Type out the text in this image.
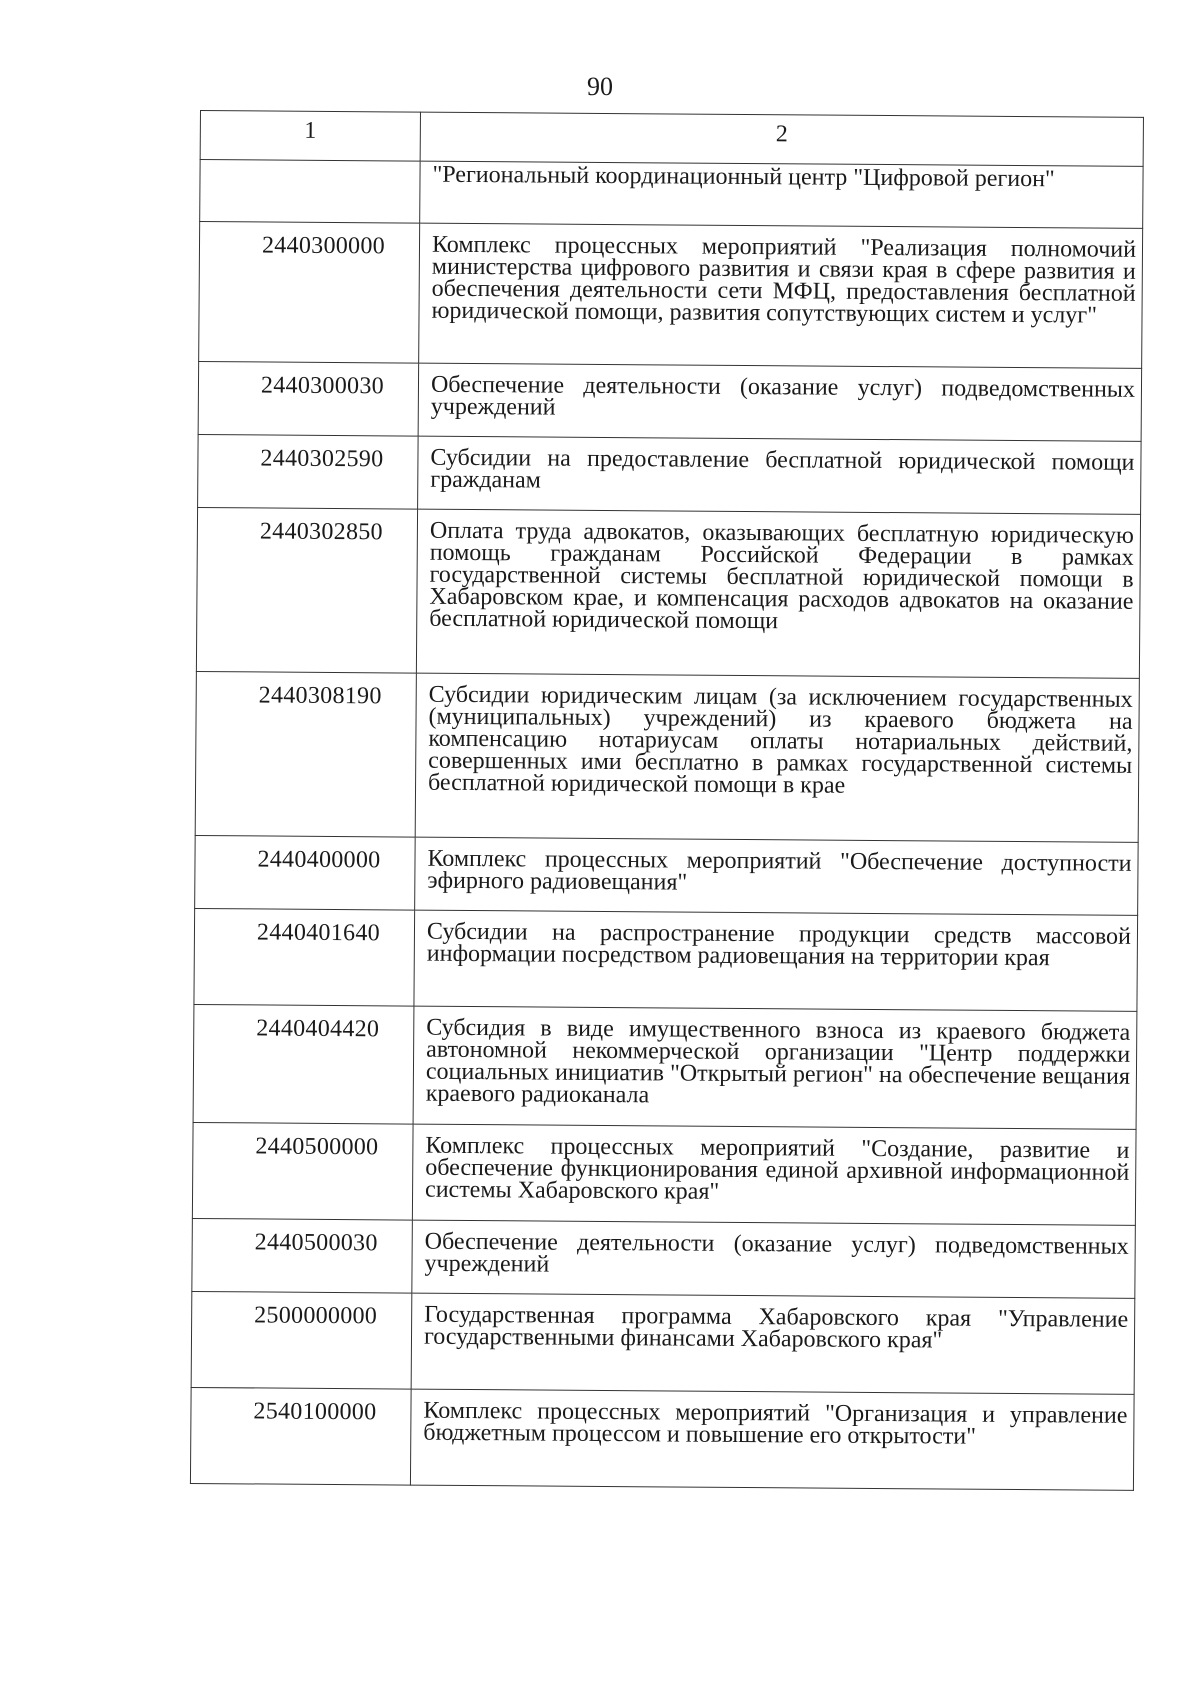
90
1	2
	"Региональный координационный центр "Цифровой регион"
2440300000	Комплекс процессных мероприятий "Реализация полномочий министерства цифрового развития и связи края в сфере развития и обеспечения деятельности сети МФЦ, предоставления бесплатной юридической помощи, развития сопутствующих систем и услуг"
2440300030	Обеспечение деятельности (оказание услуг) подведомственных учреждений
2440302590	Субсидии на предоставление бесплатной юридической помощи гражданам
2440302850	Оплата труда адвокатов, оказывающих бесплатную юридическую помощь гражданам Российской Федерации в рамках государственной системы бесплатной юридической помощи в Хабаровском крае, и компенсация расходов адвокатов на оказание бесплатной юридической помощи
2440308190	Субсидии юридическим лицам (за исключением государственных (муниципальных) учреждений) из краевого бюджета на компенсацию нотариусам оплаты нотариальных действий, совершенных ими бесплатно в рамках государственной системы бесплатной юридической помощи в крае
2440400000	Комплекс процессных мероприятий "Обеспечение доступности эфирного радиовещания"
2440401640	Субсидии на распространение продукции средств массовой информации посредством радиовещания на территории края
2440404420	Субсидия в виде имущественного взноса из краевого бюджета автономной некоммерческой организации "Центр поддержки социальных инициатив "Открытый регион" на обеспечение вещания краевого радиоканала
2440500000	Комплекс процессных мероприятий "Создание, развитие и обеспечение функционирования единой архивной информационной системы Хабаровского края"
2440500030	Обеспечение деятельности (оказание услуг) подведомственных учреждений
2500000000	Государственная программа Хабаровского края "Управление государственными финансами Хабаровского края"
2540100000	Комплекс процессных мероприятий "Организация и управление бюджетным процессом и повышение его открытости"
